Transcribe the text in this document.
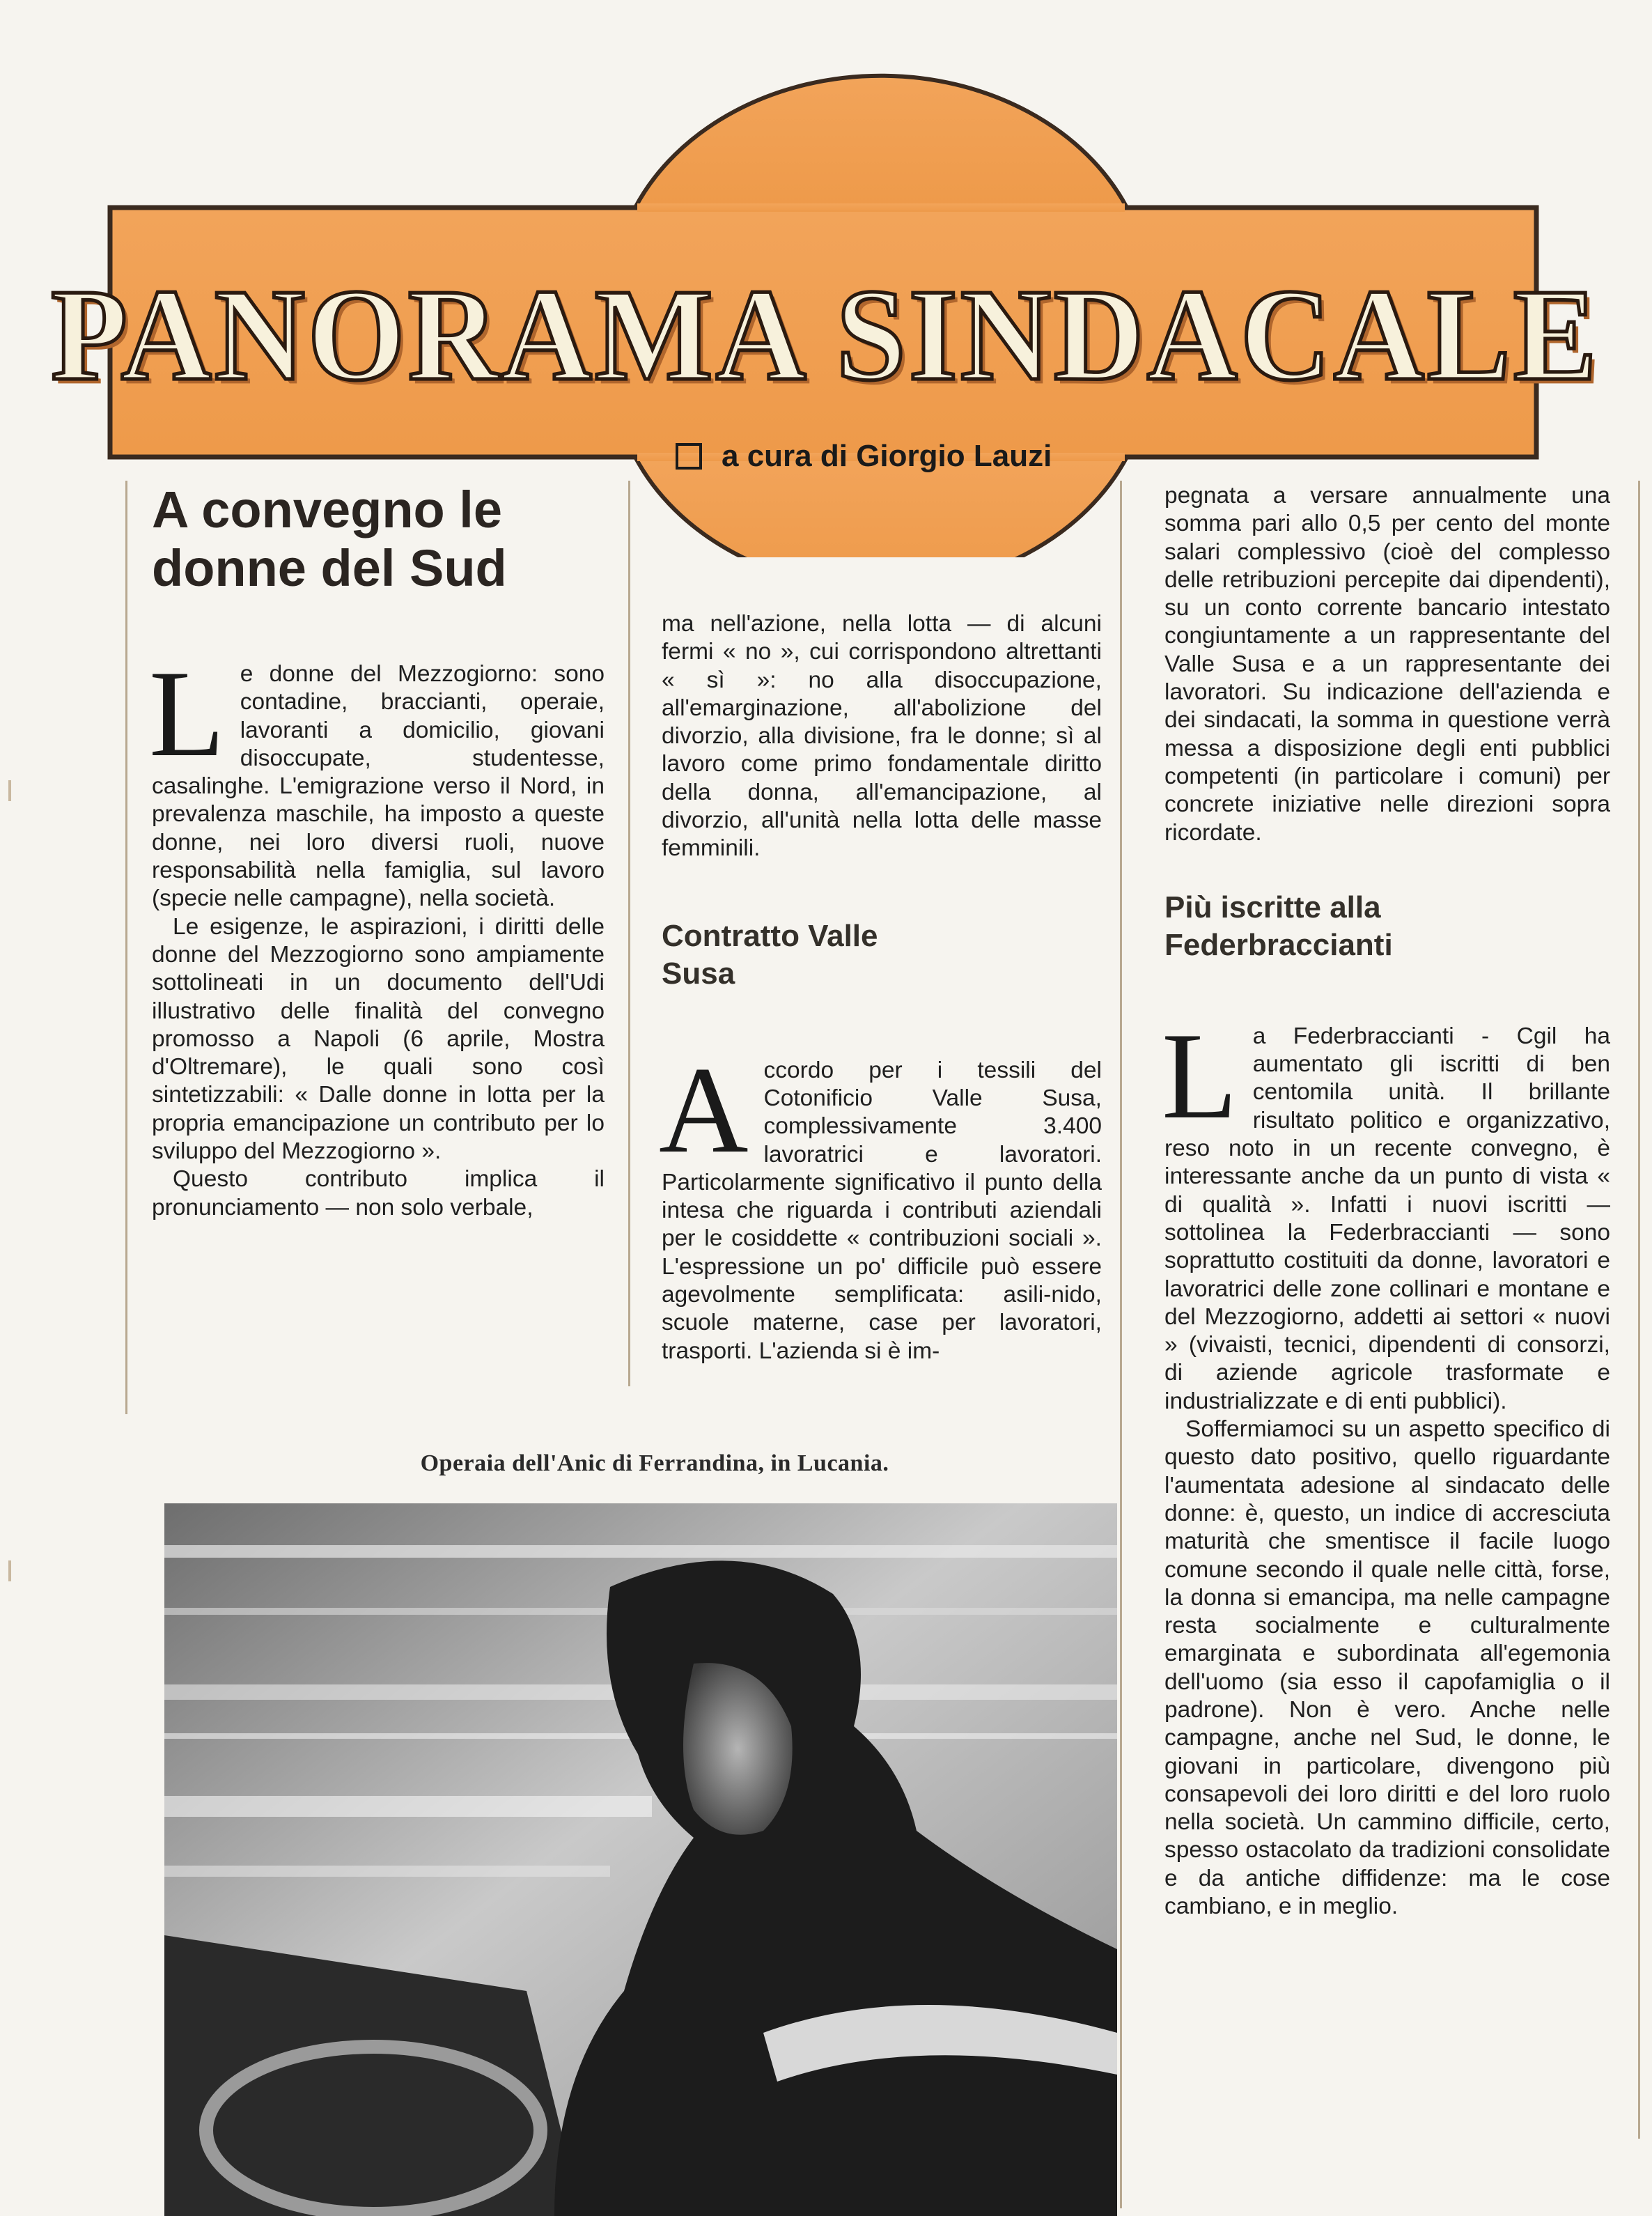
PANORAMA SINDACALE
a cura di Giorgio Lauzi
A convegno le donne del Sud

Le donne del Mezzogiorno: sono contadine, braccianti, operaie, lavoranti a domicilio, giovani disoccupate, studentesse, casalinghe. L'emigrazione verso il Nord, in prevalenza maschile, ha imposto a queste donne, nei loro diversi ruoli, nuove responsabilità nella famiglia, sul lavoro (specie nelle campagne), nella società.

Le esigenze, le aspirazioni, i diritti delle donne del Mezzogiorno sono ampiamente sottolineati in un documento dell'Udi illustrativo delle finalità del convegno promosso a Napoli (6 aprile, Mostra d'Oltremare), le quali sono così sintetizzabili: « Dalle donne in lotta per la propria emancipazione un contributo per lo sviluppo del Mezzogiorno ».

Questo contributo implica il pronunciamento — non solo verbale,

ma nell'azione, nella lotta — di alcuni fermi « no », cui corrispondono altrettanti « sì »: no alla disoccupazione, all'emarginazione, all'abolizione del divorzio, alla divisione, fra le donne; sì al lavoro come primo fondamentale diritto della donna, all'emancipazione, al divorzio, all'unità nella lotta delle masse femminili.
Contratto Valle Susa

Accordo per i tessili del Cotonificio Valle Susa, complessivamente 3.400 lavoratrici e lavoratori. Particolarmente significativo il punto della intesa che riguarda i contributi aziendali per le cosiddette « contribuzioni sociali ». L'espressione un po' difficile può essere agevolmente semplificata: asili-nido, scuole materne, case per lavoratori, trasporti. L'azienda si è im-

pegnata a versare annualmente una somma pari allo 0,5 per cento del monte salari complessivo (cioè del complesso delle retribuzioni percepite dai dipendenti), su un conto corrente bancario intestato congiuntamente a un rappresentante del Valle Susa e a un rappresentante dei lavoratori. Su indicazione dell'azienda e dei sindacati, la somma in questione verrà messa a disposizione degli enti pubblici competenti (in particolare i comuni) per concrete iniziative nelle direzioni sopra ricordate.
Più iscritte alla Federbraccianti

La Federbraccianti - Cgil ha aumentato gli iscritti di ben centomila unità. Il brillante risultato politico e organizzativo, reso noto in un recente convegno, è interessante anche da un punto di vista « di qualità ». Infatti i nuovi iscritti — sottolinea la Federbraccianti — sono soprattutto costituiti da donne, lavoratori e lavoratrici delle zone collinari e montane e del Mezzogiorno, addetti ai settori « nuovi » (vivaisti, tecnici, dipendenti di consorzi, di aziende agricole trasformate e industrializzate e di enti pubblici).

Soffermiamoci su un aspetto specifico di questo dato positivo, quello riguardante l'aumentata adesione al sindacato delle donne: è, questo, un indice di accresciuta maturità che smentisce il facile luogo comune secondo il quale nelle città, forse, la donna si emancipa, ma nelle campagne resta socialmente e culturalmente emarginata e subordinata all'egemonia dell'uomo (sia esso il capofamiglia o il padrone). Non è vero. Anche nelle campagne, anche nel Sud, le donne, le giovani in particolare, divengono più consapevoli dei loro diritti e del loro ruolo nella società. Un cammino difficile, certo, spesso ostacolato da tradizioni consolidate e da antiche diffidenze: ma le cose cambiano, e in meglio.

Operaia dell'Anic di Ferrandina, in Lucania.
